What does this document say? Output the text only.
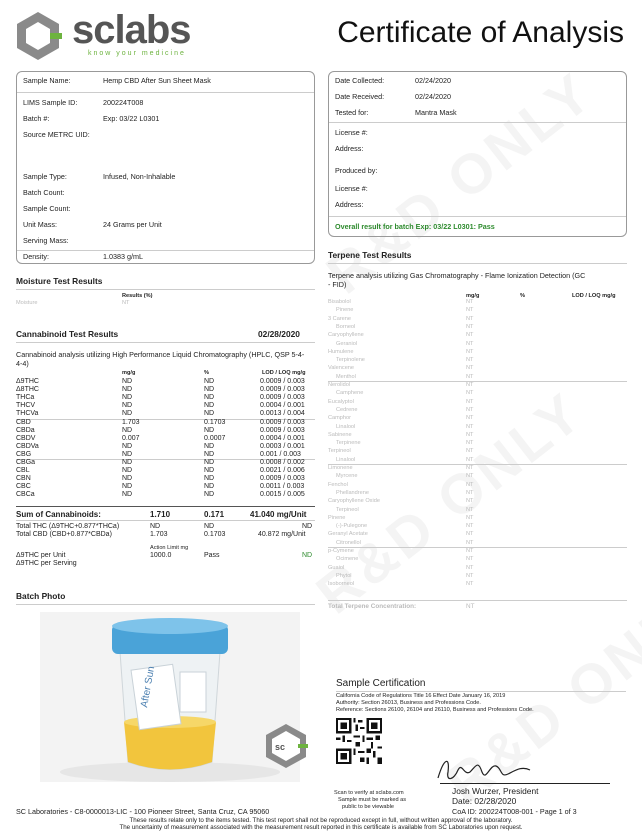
sclabs
know your medicine
Certificate of Analysis
Sample Name:	Hemp CBD After Sun Sheet Mask
LIMS Sample ID:	200224T008
Batch #:	Exp: 03/22 L0301
Source METRC UID:
Sample Type:	Infused, Non-Inhalable
Batch Count:
Sample Count:
Unit Mass:	24 Grams per Unit
Serving Mass:
Density:	1.0383 g/mL
Date Collected:	02/24/2020
Date Received:	02/24/2020
Tested for:	Mantra Mask
License #:
Address:
Produced by:
License #:
Address:
Overall result for batch Exp: 03/22 L0301: Pass
Moisture Test Results
Results (%)
Moisture	NT
Cannabinoid Test Results	02/28/2020
Cannabinoid analysis utilizing High Performance Liquid Chromatography (HPLC, QSP 5-4-4-4)
mg/g	%	LOD / LOQ mg/g
Δ9THC	ND	ND	0.0009 / 0.003
Δ8THC	ND	ND	0.0009 / 0.003
THCa	ND	ND	0.0009 / 0.003
THCV	ND	ND	0.0004 / 0.001
THCVa	ND	ND	0.0013 / 0.004
CBD	1.703	0.1703	0.0009 / 0.003
CBDa	ND	ND	0.0009 / 0.003
CBDV	0.007	0.0007	0.0004 / 0.001
CBDVa	ND	ND	0.0003 / 0.001
CBG	ND	ND	0.001 / 0.003
CBGa	ND	ND	0.0008 / 0.002
CBL	ND	ND	0.0021 / 0.006
CBN	ND	ND	0.0009 / 0.003
CBC	ND	ND	0.0011 / 0.003
CBCa	ND	ND	0.0015 / 0.005
Sum of Cannabinoids:	1.710	0.171	41.040 mg/Unit
Total THC (Δ9THC+0.877*THCa)	ND	ND	ND
Total CBD (CBD+0.877*CBDa)	1.703	0.1703	40.872 mg/Unit
Action Limit mg
Δ9THC per Unit	1000.0	Pass	ND
Δ9THC per Serving
Terpene Test Results
Terpene analysis utilizing Gas Chromatography - Flame Ionization Detection (GC - FID)
mg/g	%	LOD / LOQ mg/g
Bisabolol	NT
Pinene	NT
3 Carene	NT
Borneol	NT
Caryophyllene	NT
Geraniol	NT
Humulene	NT
Terpinolene	NT
Valencene	NT
Menthol	NT
Nerolidol	NT
Camphene	NT
Eucalyptol	NT
Cedrene	NT
Camphor	NT
Linalool	NT
Sabinene	NT
Terpinene	NT
Terpineol	NT
Linalool	NT
Limonene	NT
Myrcene	NT
Fenchol	NT
Phellandrene	NT
Caryophyllene Oxide	NT
Terpineol	NT
Pinene	NT
(-)-Pulegone	NT
Geranyl Acetate	NT
Citronellol	NT
p-Cymene	NT
Ocimene	NT
Guaiol	NT
Phytol	NT
Isoborneol	NT
Total Terpene Concentration:	NT
Batch Photo
After Sun
sc
Sample Certification
California Code of Regulations Title 16 Effect Date January 16, 2019
Authority: Section 26013, Business and Professions Code.
Reference: Sections 26100, 26104 and 26110, Business and Professions Code.
Scan to verify at sclabs.com
Sample must be marked as
public to be viewable
Josh Wurzer, President
Date: 02/28/2020
CoA ID: 200224T008-001 - Page 1 of 3
SC Laboratories - C8-0000013-LIC - 100 Pioneer Street, Santa Cruz, CA 95060
These results relate only to the items tested. This test report shall not be reproduced except in full, without written approval of the laboratory.
The uncertainty of measurement associated with the measurement result reported in this certificate is available from SC Laboratories upon request.
